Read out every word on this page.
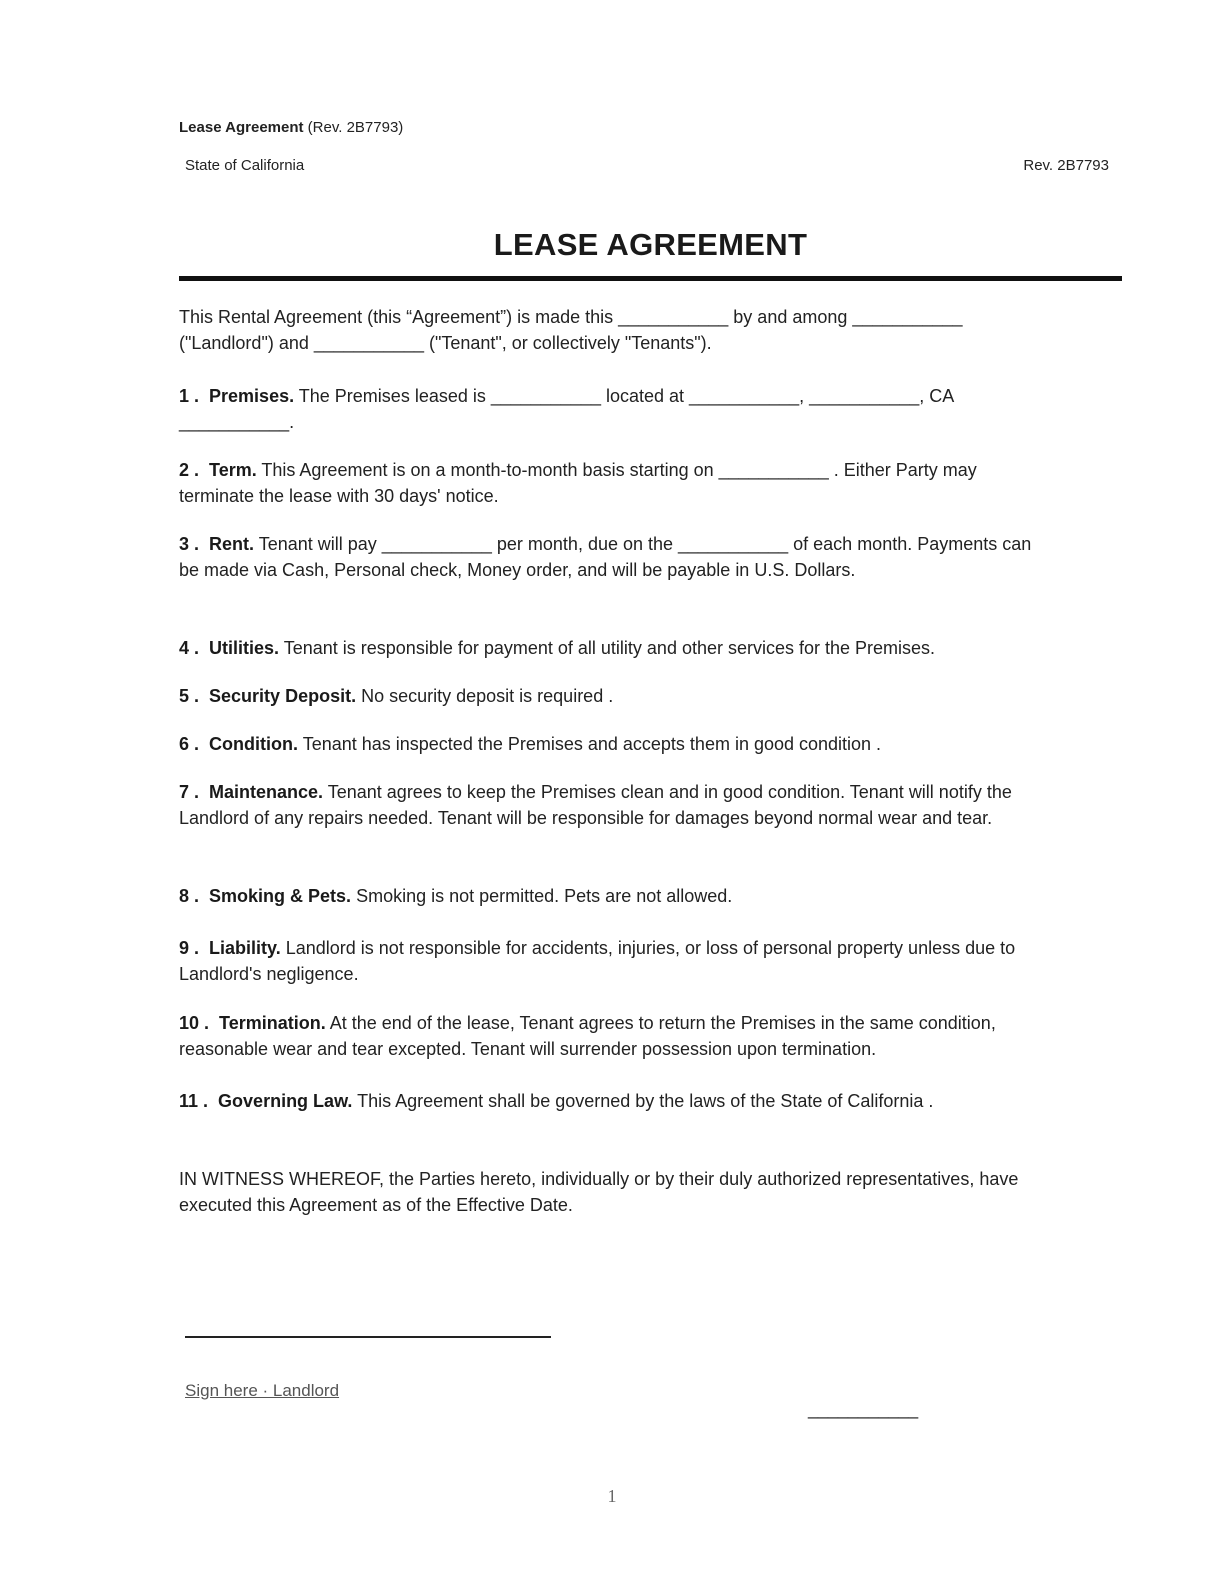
Lease Agreement (Rev. 2B7793)
State of California	Rev. 2B7793
LEASE AGREEMENT
This Rental Agreement (this “Agreement”) is made this ___________ by and among ___________
("Landlord") and ___________ ("Tenant", or collectively "Tenants").
1 . Premises. The Premises leased is ___________ located at ___________, ___________, CA ___________.
2 . Term. This Agreement is on a month-to-month basis starting on ___________ . Either Party may terminate the lease with 30 days' notice.
3 . Rent. Tenant will pay ___________ per month, due on the ___________ of each month. Payments can be made via Cash, Personal check, Money order, and will be payable in U.S. Dollars.
4 . Utilities. Tenant is responsible for payment of all utility and other services for the Premises.
5 . Security Deposit. No security deposit is required .
6 . Condition. Tenant has inspected the Premises and accepts them in good condition .
7 . Maintenance. Tenant agrees to keep the Premises clean and in good condition. Tenant will notify the Landlord of any repairs needed. Tenant will be responsible for damages beyond normal wear and tear.
8 . Smoking & Pets. Smoking is not permitted. Pets are not allowed.
9 . Liability. Landlord is not responsible for accidents, injuries, or loss of personal property unless due to Landlord's negligence.
10 . Termination. At the end of the lease, Tenant agrees to return the Premises in the same condition, reasonable wear and tear excepted. Tenant will surrender possession upon termination.
11 . Governing Law. This Agreement shall be governed by the laws of the State of California .
IN WITNESS WHEREOF, the Parties hereto, individually or by their duly authorized representatives, have executed this Agreement as of the Effective Date.
Sign here · Landlord
___________
1
